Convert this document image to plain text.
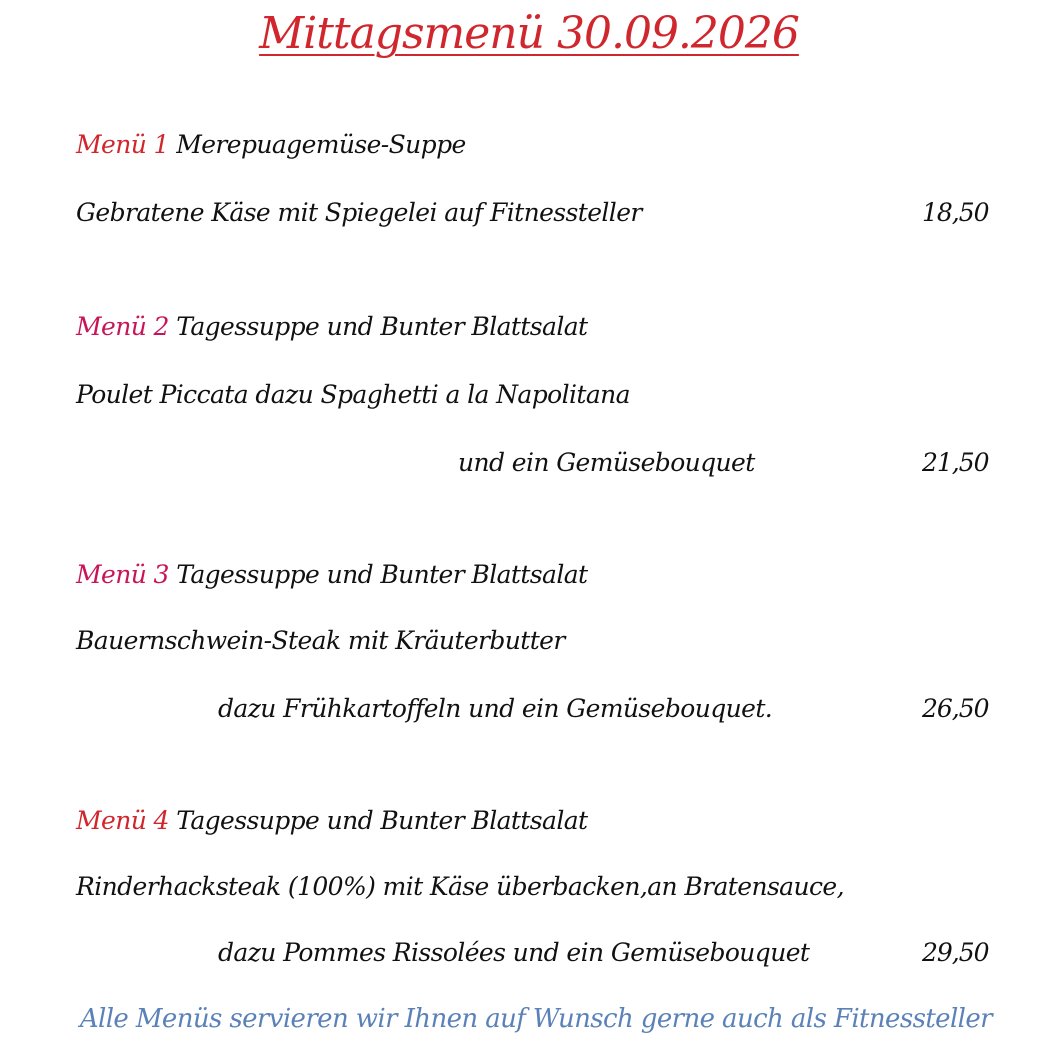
Mittagsmenü 30.09.2026
Menü 1 Merepuagemüse-Suppe
Gebratene Käse mit Spiegelei auf Fitnessteller	18,50
Menü 2 Tagessuppe und Bunter Blattsalat
Poulet Piccata dazu Spaghetti a la Napolitana
und ein Gemüsebouquet	21,50
Menü 3 Tagessuppe und Bunter Blattsalat
Bauernschwein-Steak mit Kräuterbutter
dazu Frühkartoffeln und ein Gemüsebouquet.	26,50
Menü 4 Tagessuppe und Bunter Blattsalat
Rinderhacksteak (100%) mit Käse überbacken,an Bratensauce,
dazu Pommes Rissolées und ein Gemüsebouquet	29,50
Alle Menüs servieren wir Ihnen auf Wunsch gerne auch als Fitnessteller
